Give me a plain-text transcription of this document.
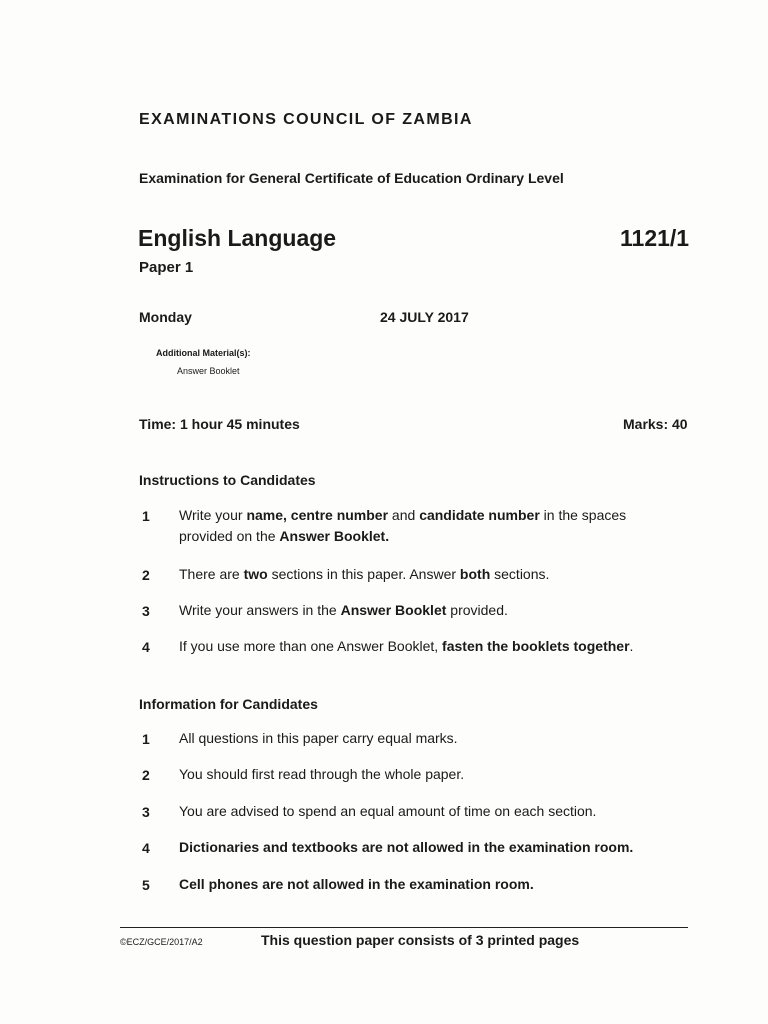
EXAMINATIONS COUNCIL OF ZAMBIA
Examination for General Certificate of Education Ordinary Level
English Language	1121/1
Paper 1
Monday	24 JULY 2017
Additional Material(s):
Answer Booklet
Time: 1 hour 45 minutes	Marks: 40
Instructions to Candidates
1 Write your name, centre number and candidate number in the spaces
provided on the Answer Booklet.
2 There are two sections in this paper. Answer both sections.
3 Write your answers in the Answer Booklet provided.
4 If you use more than one Answer Booklet, fasten the booklets together.
Information for Candidates
1 All questions in this paper carry equal marks.
2 You should first read through the whole paper.
3 You are advised to spend an equal amount of time on each section.
4 Dictionaries and textbooks are not allowed in the examination room.
5 Cell phones are not allowed in the examination room.
©ECZ/GCE/2017/A2	This question paper consists of 3 printed pages
